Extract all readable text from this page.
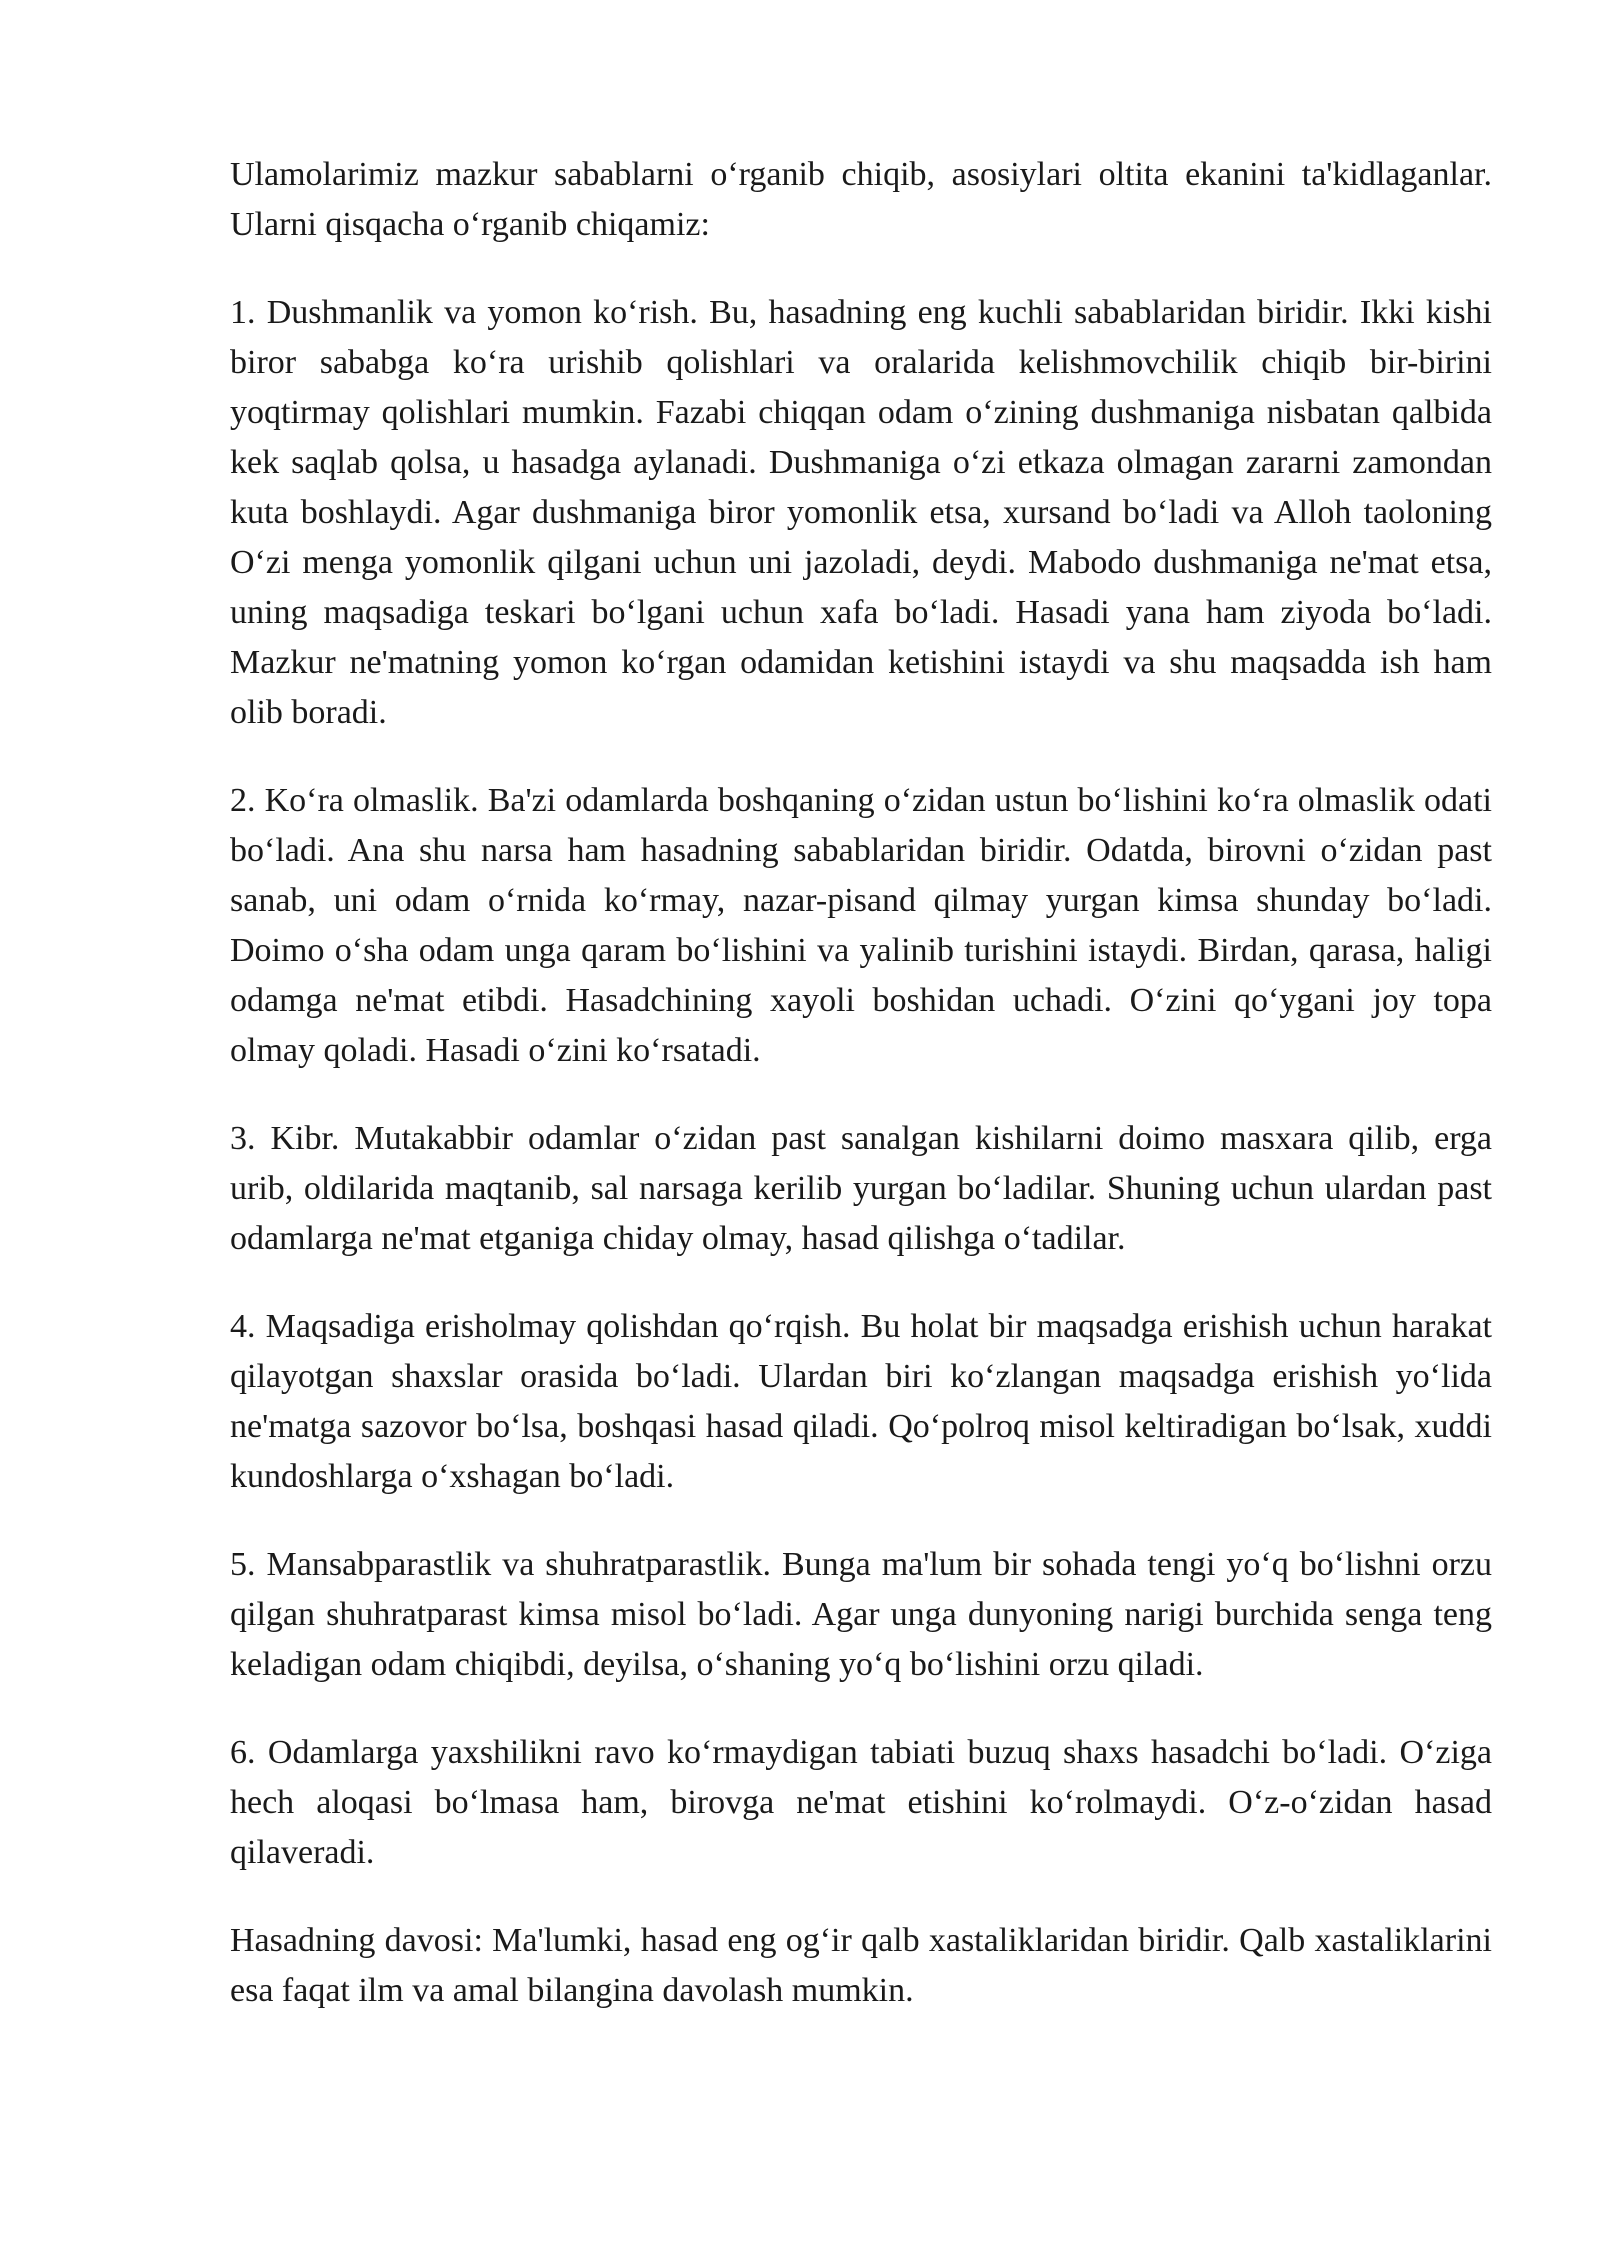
Ulamolarimiz mazkur sabablarni oʻrganib chiqib, asosiylari oltita ekanini ta'kidlaganlar. Ularni qisqacha oʻrganib chiqamiz:

1. Dushmanlik va yomon koʻrish. Bu, hasadning eng kuchli sabablaridan biridir. Ikki kishi biror sababga koʻra urishib qolishlari va oralarida kelishmovchilik chiqib bir-birini yoqtirmay qolishlari mumkin. Fazabi chiqqan odam oʻzining dushmaniga nisbatan qalbida kek saqlab qolsa, u hasadga aylanadi. Dushmaniga oʻzi etkaza olmagan zararni zamondan kuta boshlaydi. Agar dushmaniga biror yomonlik etsa, xursand boʻladi va Alloh taoloning Oʻzi menga yomonlik qilgani uchun uni jazoladi, deydi. Mabodo dushmaniga ne'mat etsa, uning maqsadiga teskari boʻlgani uchun xafa boʻladi. Hasadi yana ham ziyoda boʻladi. Mazkur ne'matning yomon koʻrgan odamidan ketishini istaydi va shu maqsadda ish ham olib boradi.

2. Koʻra olmaslik. Ba'zi odamlarda boshqaning oʻzidan ustun boʻlishini koʻra olmaslik odati boʻladi. Ana shu narsa ham hasadning sabablaridan biridir. Odatda, birovni oʻzidan past sanab, uni odam oʻrnida koʻrmay, nazar-pisand qilmay yurgan kimsa shunday boʻladi. Doimo oʻsha odam unga qaram boʻlishini va yalinib turishini istaydi. Birdan, qarasa, haligi odamga ne'mat etibdi. Hasadchining xayoli boshidan uchadi. Oʻzini qoʻygani joy topa olmay qoladi. Hasadi oʻzini koʻrsatadi.

3. Kibr. Mutakabbir odamlar oʻzidan past sanalgan kishilarni doimo masxara qilib, erga urib, oldilarida maqtanib, sal narsaga kerilib yurgan boʻladilar. Shuning uchun ulardan past odamlarga ne'mat etganiga chiday olmay, hasad qilishga oʻtadilar.

4. Maqsadiga erisholmay qolishdan qoʻrqish. Bu holat bir maqsadga erishish uchun harakat qilayotgan shaxslar orasida boʻladi. Ulardan biri koʻzlangan maqsadga erishish yoʻlida ne'matga sazovor boʻlsa, boshqasi hasad qiladi. Qoʻpolroq misol keltiradigan boʻlsak, xuddi kundoshlarga oʻxshagan boʻladi.

5. Mansabparastlik va shuhratparastlik. Bunga ma'lum bir sohada tengi yoʻq boʻlishni orzu qilgan shuhratparast kimsa misol boʻladi. Agar unga dunyoning narigi burchida senga teng keladigan odam chiqibdi, deyilsa, oʻshaning yoʻq boʻlishini orzu qiladi.

6. Odamlarga yaxshilikni ravo koʻrmaydigan tabiati buzuq shaxs hasadchi boʻladi. Oʻziga hech aloqasi boʻlmasa ham, birovga ne'mat etishini koʻrolmaydi. Oʻz-oʻzidan hasad qilaveradi.

Hasadning davosi: Ma'lumki, hasad eng ogʻir qalb xastaliklaridan biridir. Qalb xastaliklarini esa faqat ilm va amal bilangina davolash mumkin.
